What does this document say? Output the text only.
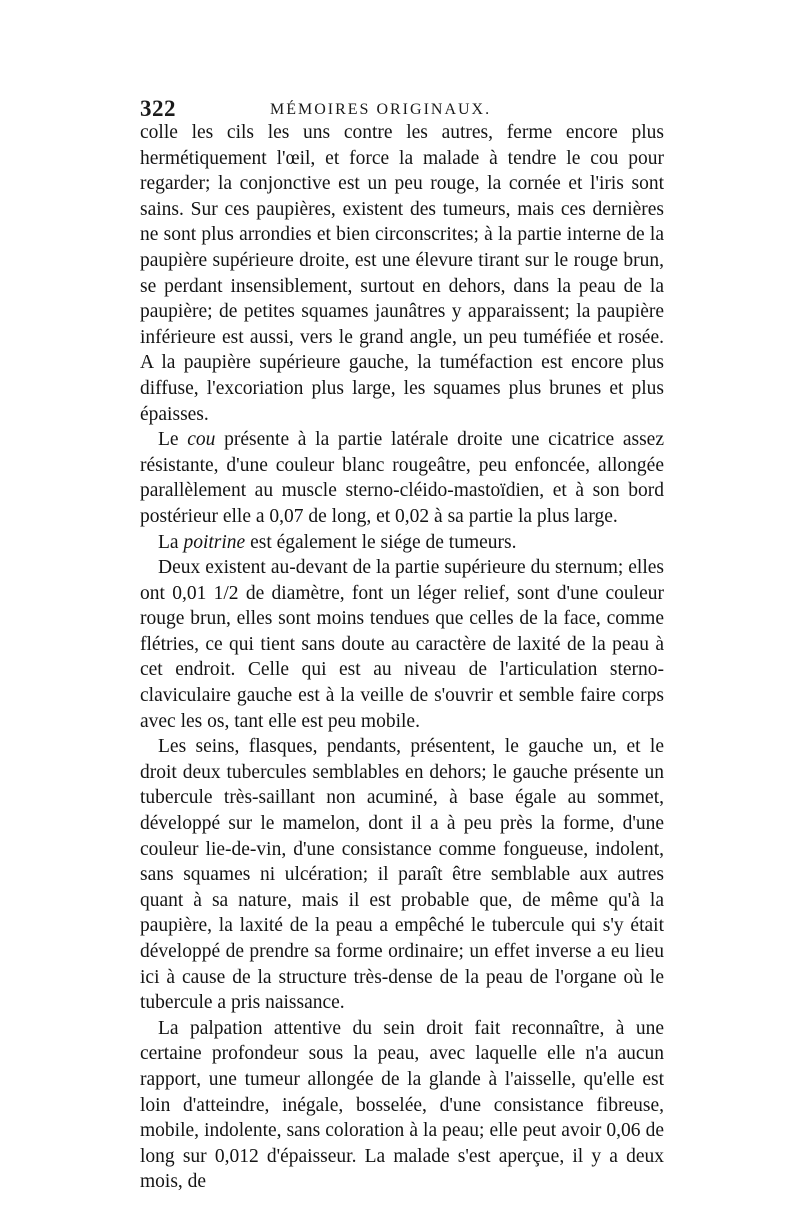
322	MÉMOIRES ORIGINAUX.

colle les cils les uns contre les autres, ferme encore plus hermétiquement l'œil, et force la malade à tendre le cou pour regarder; la conjonctive est un peu rouge, la cornée et l'iris sont sains. Sur ces paupières, existent des tumeurs, mais ces dernières ne sont plus arrondies et bien circonscrites; à la partie interne de la paupière supérieure droite, est une élevure tirant sur le rouge brun, se perdant insensiblement, surtout en dehors, dans la peau de la paupière; de petites squames jaunâtres y apparaissent; la paupière inférieure est aussi, vers le grand angle, un peu tuméfiée et rosée. A la paupière supérieure gauche, la tuméfaction est encore plus diffuse, l'excoriation plus large, les squames plus brunes et plus épaisses.

Le cou présente à la partie latérale droite une cicatrice assez résistante, d'une couleur blanc rougeâtre, peu enfoncée, allongée parallèlement au muscle sterno-cléido-mastoïdien, et à son bord postérieur elle a 0,07 de long, et 0,02 à sa partie la plus large.

La poitrine est également le siége de tumeurs.

Deux existent au-devant de la partie supérieure du sternum; elles ont 0,01 1/2 de diamètre, font un léger relief, sont d'une couleur rouge brun, elles sont moins tendues que celles de la face, comme flétries, ce qui tient sans doute au caractère de laxité de la peau à cet endroit. Celle qui est au niveau de l'articulation sterno-claviculaire gauche est à la veille de s'ouvrir et semble faire corps avec les os, tant elle est peu mobile.

Les seins, flasques, pendants, présentent, le gauche un, et le droit deux tubercules semblables en dehors; le gauche présente un tubercule très-saillant non acuminé, à base égale au sommet, développé sur le mamelon, dont il a à peu près la forme, d'une couleur lie-de-vin, d'une consistance comme fongueuse, indolent, sans squames ni ulcération; il paraît être semblable aux autres quant à sa nature, mais il est probable que, de même qu'à la paupière, la laxité de la peau a empêché le tubercule qui s'y était développé de prendre sa forme ordinaire; un effet inverse a eu lieu ici à cause de la structure très-dense de la peau de l'organe où le tubercule a pris naissance.

La palpation attentive du sein droit fait reconnaître, à une certaine profondeur sous la peau, avec laquelle elle n'a aucun rapport, une tumeur allongée de la glande à l'aisselle, qu'elle est loin d'atteindre, inégale, bosselée, d'une consistance fibreuse, mobile, indolente, sans coloration à la peau; elle peut avoir 0,06 de long sur 0,012 d'épaisseur. La malade s'est aperçue, il y a deux mois, de
